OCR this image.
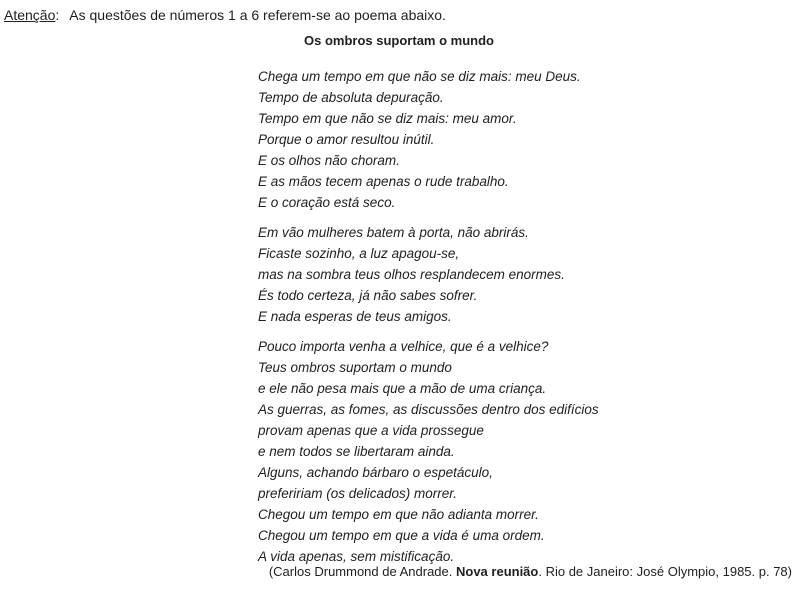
Atenção: As questões de números 1 a 6 referem-se ao poema abaixo.
Os ombros suportam o mundo
Chega um tempo em que não se diz mais: meu Deus.
Tempo de absoluta depuração.
Tempo em que não se diz mais: meu amor.
Porque o amor resultou inútil.
E os olhos não choram.
E as mãos tecem apenas o rude trabalho.
E o coração está seco.
Em vão mulheres batem à porta, não abrirás.
Ficaste sozinho, a luz apagou-se,
mas na sombra teus olhos resplandecem enormes.
És todo certeza, já não sabes sofrer.
E nada esperas de teus amigos.
Pouco importa venha a velhice, que é a velhice?
Teus ombros suportam o mundo
e ele não pesa mais que a mão de uma criança.
As guerras, as fomes, as discussões dentro dos edifícios
provam apenas que a vida prossegue
e nem todos se libertaram ainda.
Alguns, achando bárbaro o espetáculo,
prefeririam (os delicados) morrer.
Chegou um tempo em que não adianta morrer.
Chegou um tempo em que a vida é uma ordem.
A vida apenas, sem mistificação.
(Carlos Drummond de Andrade. Nova reunião. Rio de Janeiro: José Olympio, 1985. p. 78)
